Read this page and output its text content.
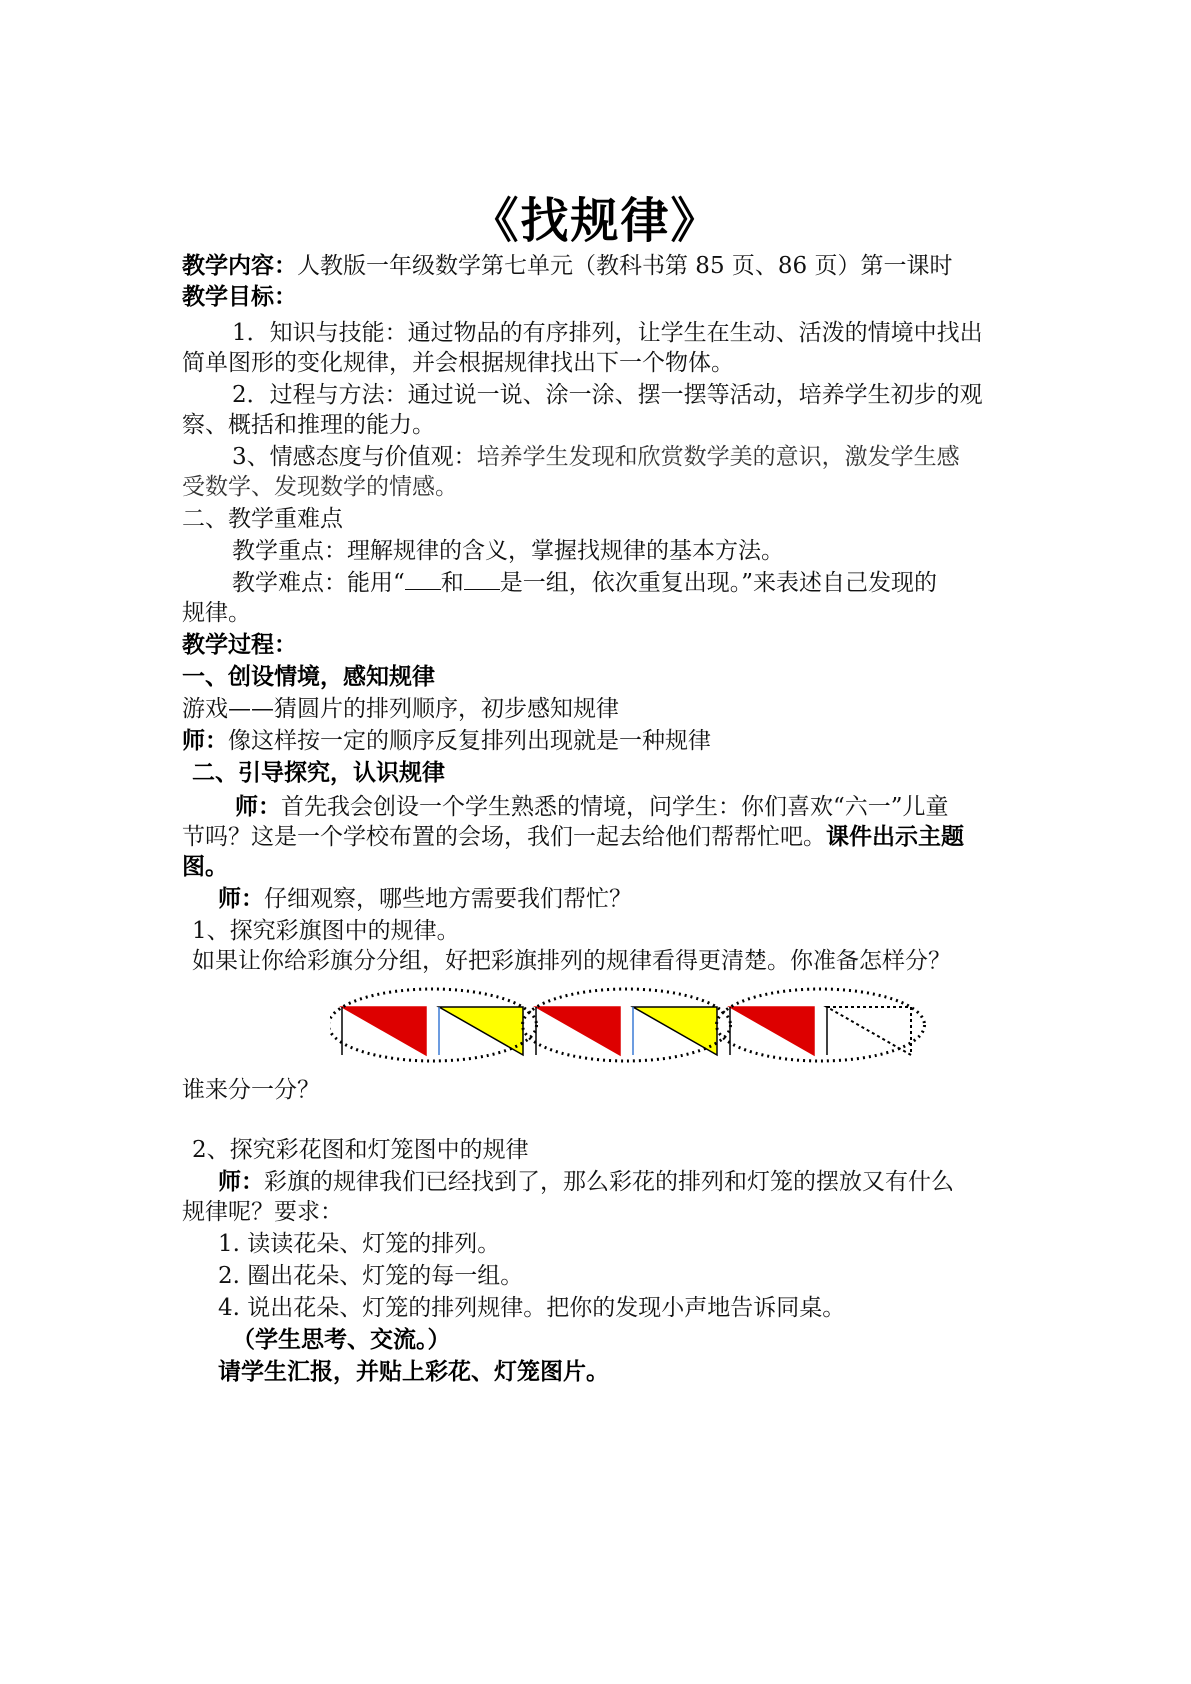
《找规律》
教学内容：人教版一年级数学第七单元（教科书第 85 页、86 页）第一课时
教学目标：
1．知识与技能：通过物品的有序排列，让学生在生动、活泼的情境中找出
简单图形的变化规律，并会根据规律找出下一个物体。
2．过程与方法：通过说一说、涂一涂、摆一摆等活动，培养学生初步的观
察、概括和推理的能力。
3、情感态度与价值观：培养学生发现和欣赏数学美的意识，激发学生感
受数学、发现数学的情感。
二、教学重难点
教学重点：理解规律的含义，掌握找规律的基本方法。
教学难点：能用“ 和 是一组，依次重复出现。”来表述自己发现的
规律。
教学过程：
一、创设情境，感知规律
游戏——猜圆片的排列顺序，初步感知规律
师：像这样按一定的顺序反复排列出现就是一种规律
二、引导探究，认识规律
师：首先我会创设一个学生熟悉的情境，问学生：你们喜欢“六一”儿童
节吗？这是一个学校布置的会场，我们一起去给他们帮帮忙吧。课件出示主题
图。
师：仔细观察，哪些地方需要我们帮忙？
1、探究彩旗图中的规律。
如果让你给彩旗分分组，好把彩旗排列的规律看得更清楚。你准备怎样分？
谁来分一分？
2、探究彩花图和灯笼图中的规律
师：彩旗的规律我们已经找到了，那么彩花的排列和灯笼的摆放又有什么
规律呢？要求：
1. 读读花朵、灯笼的排列。
2. 圈出花朵、灯笼的每一组。
4. 说出花朵、灯笼的排列规律。把你的发现小声地告诉同桌。
（学生思考、交流。）
请学生汇报，并贴上彩花、灯笼图片。
